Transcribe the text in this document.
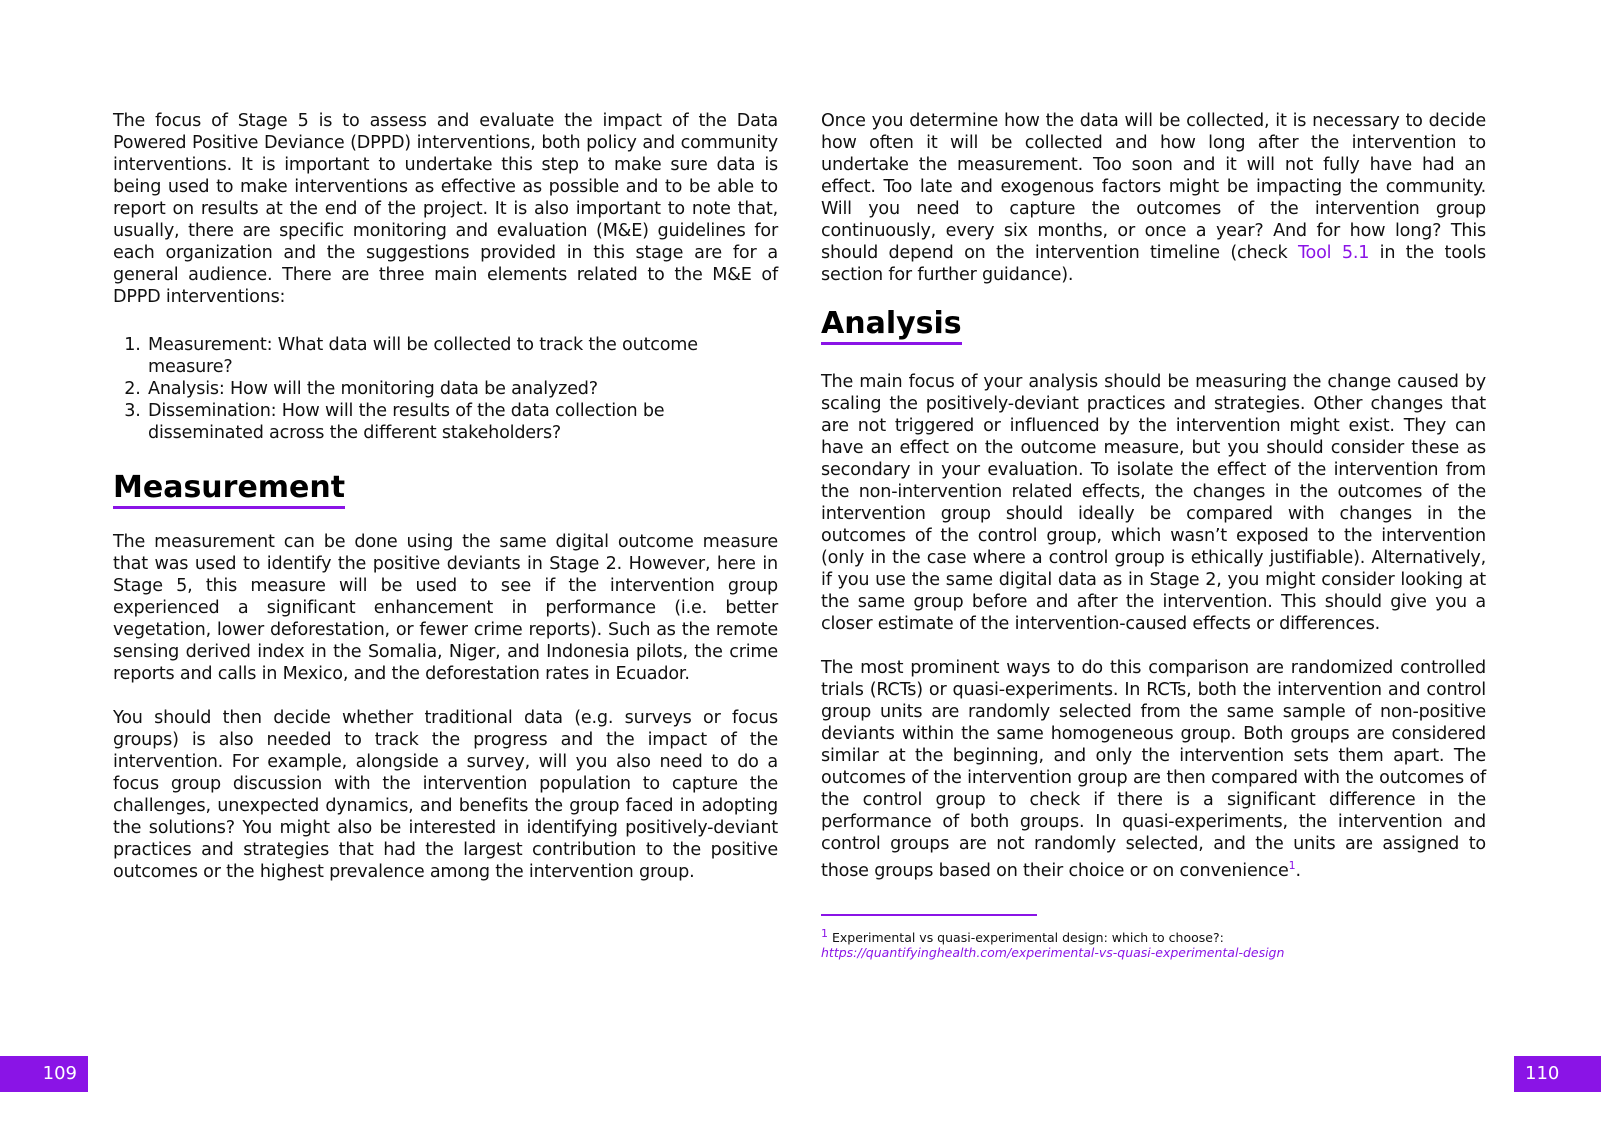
The focus of Stage 5 is to assess and evaluate the impact of the Data Powered Positive Deviance (DPPD) interventions, both policy and community interventions. It is important to undertake this step to make sure data is being used to make interventions as effective as possible and to be able to report on results at the end of the project. It is also important to note that, usually, there are specific monitoring and evaluation (M&E) guidelines for each organization and the suggestions provided in this stage are for a general audience. There are three main elements related to the M&E of DPPD interventions:

1. Measurement: What data will be collected to track the outcome measure?
2. Analysis: How will the monitoring data be analyzed?
3. Dissemination: How will the results of the data collection be disseminated across the different stakeholders?
Measurement

The measurement can be done using the same digital outcome measure that was used to identify the positive deviants in Stage 2. However, here in Stage 5, this measure will be used to see if the intervention group experienced a significant enhancement in performance (i.e. better vegetation, lower deforestation, or fewer crime reports). Such as the remote sensing derived index in the Somalia, Niger, and Indonesia pilots, the crime reports and calls in Mexico, and the deforestation rates in Ecuador.

You should then decide whether traditional data (e.g. surveys or focus groups) is also needed to track the progress and the impact of the intervention. For example, alongside a survey, will you also need to do a focus group discussion with the intervention population to capture the challenges, unexpected dynamics, and benefits the group faced in adopting the solutions? You might also be interested in identifying positively-deviant practices and strategies that had the largest contribution to the positive outcomes or the highest prevalence among the intervention group.

Once you determine how the data will be collected, it is necessary to decide how often it will be collected and how long after the intervention to undertake the measurement. Too soon and it will not fully have had an effect. Too late and exogenous factors might be impacting the community. Will you need to capture the outcomes of the intervention group continuously, every six months, or once a year? And for how long? This should depend on the intervention timeline (check Tool 5.1 in the tools section for further guidance).

Analysis

The main focus of your analysis should be measuring the change caused by scaling the positively-deviant practices and strategies. Other changes that are not triggered or influenced by the intervention might exist. They can have an effect on the outcome measure, but you should consider these as secondary in your evaluation. To isolate the effect of the intervention from the non-intervention related effects, the changes in the outcomes of the intervention group should ideally be compared with changes in the outcomes of the control group, which wasn’t exposed to the intervention (only in the case where a control group is ethically justifiable). Alternatively, if you use the same digital data as in Stage 2, you might consider looking at the same group before and after the intervention. This should give you a closer estimate of the intervention-caused effects or differences.

The most prominent ways to do this comparison are randomized controlled trials (RCTs) or quasi-experiments. In RCTs, both the intervention and control group units are randomly selected from the same sample of non-positive deviants within the same homogeneous group. Both groups are considered similar at the beginning, and only the intervention sets them apart. The outcomes of the intervention group are then compared with the outcomes of the control group to check if there is a significant difference in the performance of both groups. In quasi-experiments, the intervention and control groups are not randomly selected, and the units are assigned to those groups based on their choice or on convenience$^1$.

$^1$ Experimental vs quasi-experimental design: which to choose?: https://quantifyinghealth.com/experimental-vs-quasi-experimental-design
109	110
